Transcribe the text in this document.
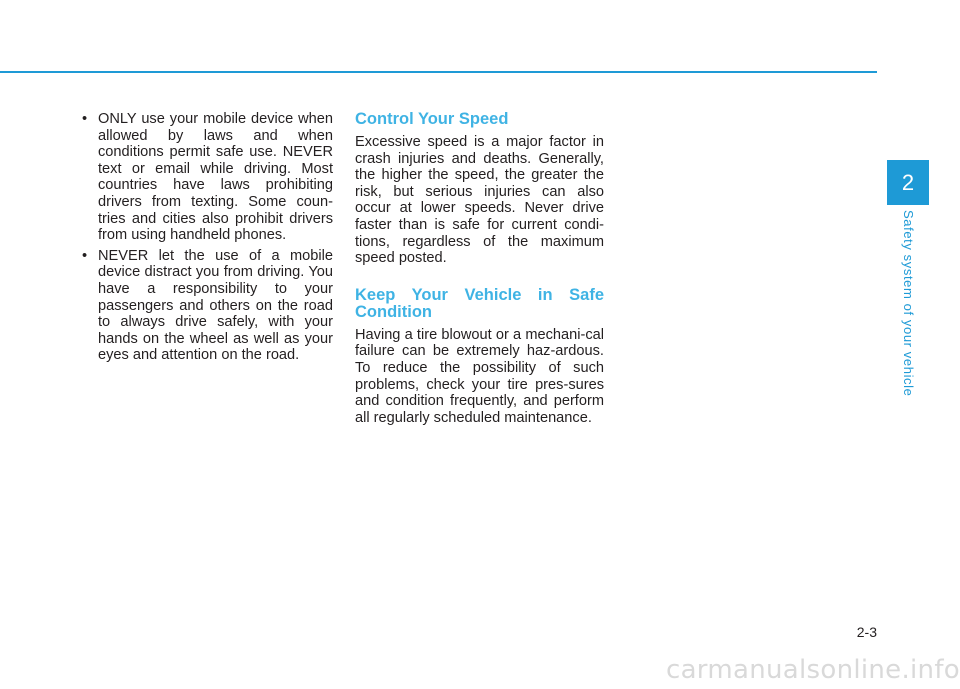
• ONLY use your mobile device when allowed by laws and when conditions permit safe use. NEVER text or email while driving. Most countries have laws prohibiting drivers from texting. Some coun-tries and cities also prohibit drivers from using handheld phones.
• NEVER let the use of a mobile device distract you from driving. You have a responsibility to your passengers and others on the road to always drive safely, with your hands on the wheel as well as your eyes and attention on the road.
Control Your Speed

Excessive speed is a major factor in crash injuries and deaths. Generally, the higher the speed, the greater the risk, but serious injuries can also occur at lower speeds. Never drive faster than is safe for current condi-tions, regardless of the maximum speed posted.

Keep Your Vehicle in Safe Condition

Having a tire blowout or a mechani-cal failure can be extremely haz-ardous. To reduce the possibility of such problems, check your tire pres-sures and condition frequently, and perform all regularly scheduled maintenance.

2
Safety system of your vehicle
2-3
carmanualsonline.info
